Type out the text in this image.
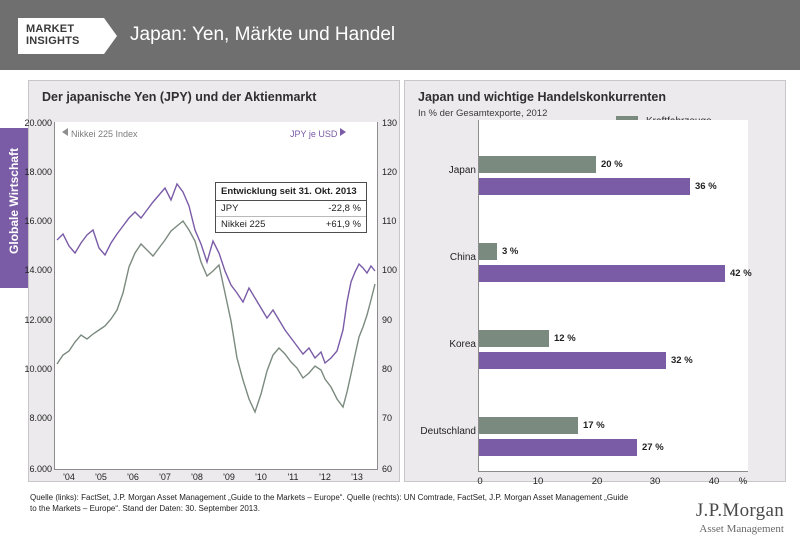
MARKET
INSIGHTS	Japan: Yen, Märkte und Handel
Globale Wirtschaft
Der japanische Yen (JPY) und der Aktienmarkt
20.000
18.000
16.000
14.000
12.000
10.000
8.000
6.000
130
120
110
100
90
80
70
60
'04	'05	'06	'07	'08	'09	'10	'11	'12	'13
Nikkei 225 Index	JPY je USD
Entwicklung seit 31. Okt. 2013
JPY	-22,8 %
Nikkei 225	+61,9 %
Japan und wichtige Handelskonkurrenten
In % der Gesamtexporte, 2012
Japan
China
Korea
Deutschland
20 %
36 %
3 %
42 %
12 %
32 %
17 %
27 %
0	10	20	30	40	%
Quelle (links): FactSet, J.P. Morgan Asset Management „Guide to the Markets – Europe“. Quelle (rechts): UN Comtrade, FactSet, J.P. Morgan Asset Management „Guide to the Markets – Europe“. Stand der Daten: 30. September 2013.	J.P.Morgan
Asset Management
